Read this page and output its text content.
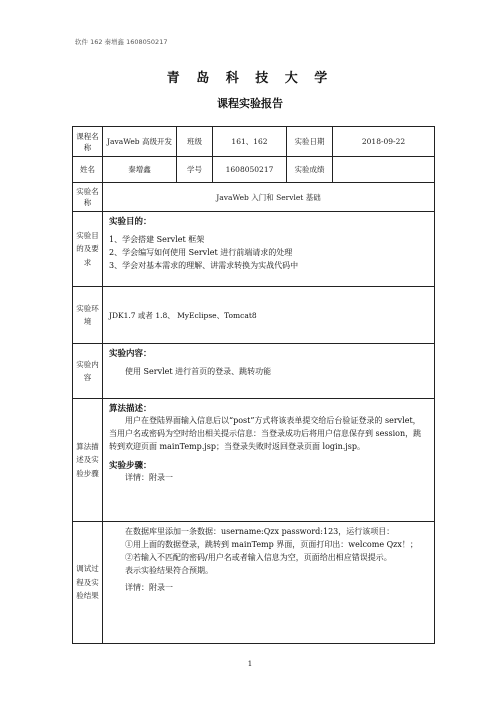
软件 162 秦增鑫 1608050217
青 岛 科 技 大 学
课程实验报告
课程名称	JavaWeb 高级开发	班级	161、162	实验日期	2018-09-22
姓名	秦增鑫	学号	1608050217	实验成绩	
实验名称	JavaWeb 入门和 Servlet 基础				
实验目的及要求	实验目的：
1、学会搭建 Servlet 框架
2、学会编写如何使用 Servlet 进行前端请求的处理
3、学会对基本需求的理解、讲需求转换为实战代码中				

实验环境	JDK1.7 或者 1.8、 MyEclipse、Tomcat8				
实验内容	实验内容：
使用 Servlet 进行首页的登录、跳转功能				

算法描述及实验步骤	算法描述：
用户在登陆界面输入信息后以“post”方式将该表单提交给后台验证登录的 servlet，当用户名或密码为空时给出相关提示信息：当登录成功后将用户信息保存到 session，跳转到欢迎页面 mainTemp.jsp；当登录失败时返回登录页面 login.jsp。
实验步骤：
详情：附录一				

调试过程及实验结果	在数据库里添加一条数据：username:Qzx password:123，运行该项目：
①用上面的数据登录，跳转到 mainTemp 界面，页面打印出：welcome Qzx！；
②若输入不匹配的密码/用户名或者输入信息为空，页面给出相应错误提示。
表示实验结果符合预期。
详情：附录一				
1
